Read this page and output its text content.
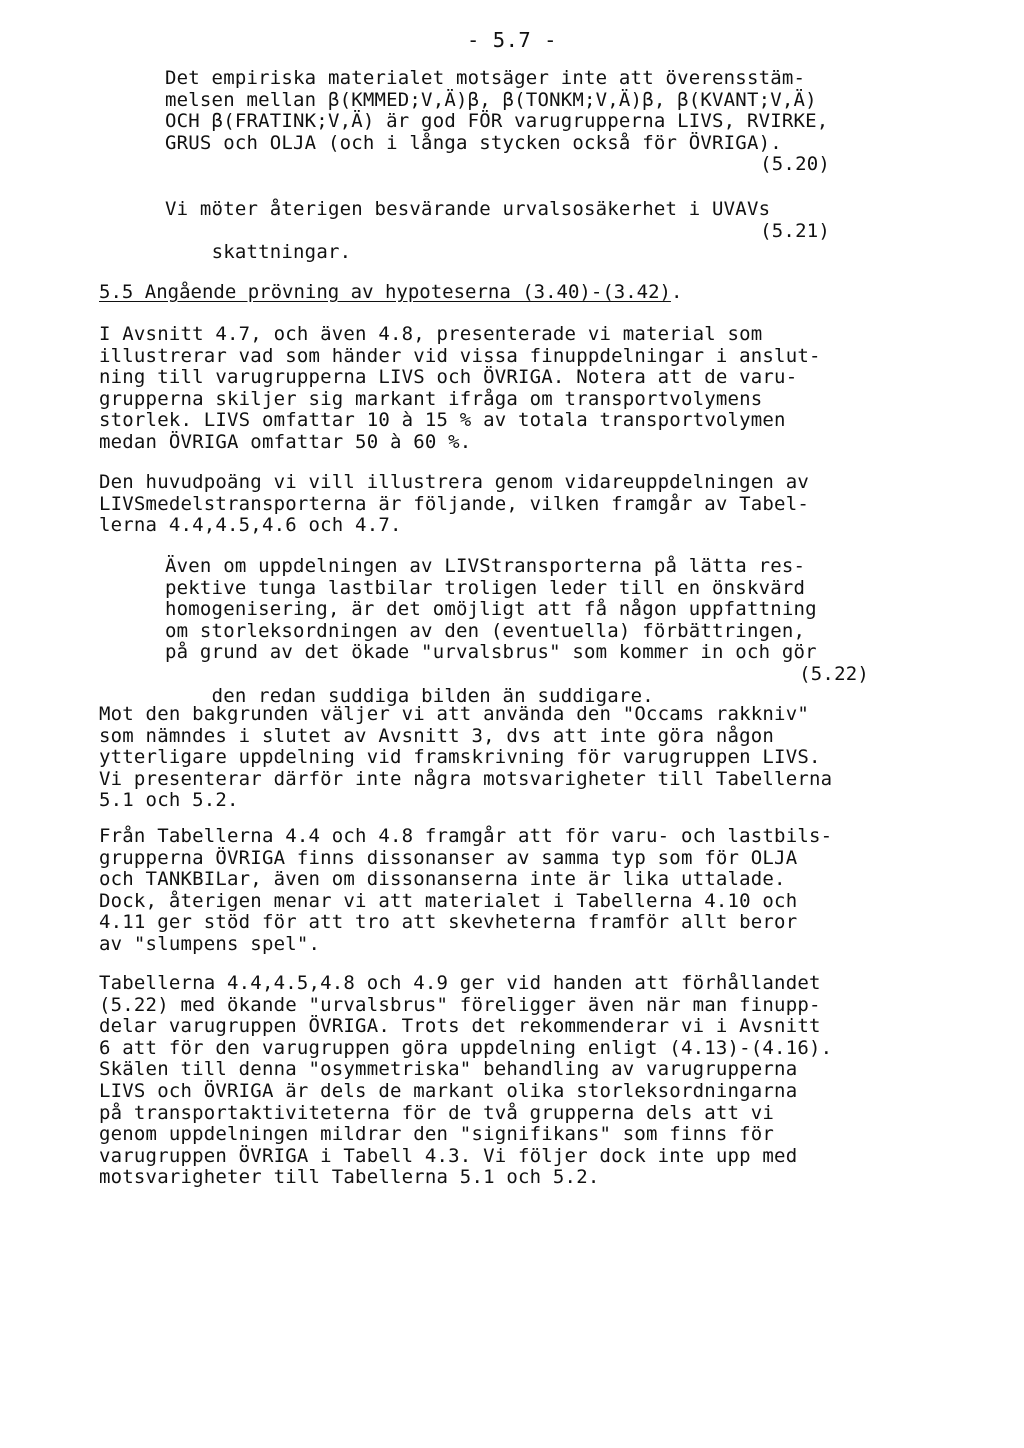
- 5.7 -
Det empiriska materialet motsäger inte att överensstäm-
melsen mellan β(KMMED;V,Ä)β, β(TONKM;V,Ä)β, β(KVANT;V,Ä)
OCH β(FRATINK;V,Ä) är god FÖR varugrupperna LIVS, RVIRKE,
GRUS och OLJA (och i långa stycken också för ÖVRIGA).
(5.20)
Vi möter återigen besvärande urvalsosäkerhet i UVAVs

skattningar.

(5.21)

5.5 Angående prövning av hypoteserna (3.40)-(3.42).
I Avsnitt 4.7, och även 4.8, presenterade vi material som
illustrerar vad som händer vid vissa finuppdelningar i anslut-
ning till varugrupperna LIVS och ÖVRIGA. Notera att de varu-
grupperna skiljer sig markant ifråga om transportvolymens
storlek. LIVS omfattar 10 à 15 % av totala transportvolymen
medan ÖVRIGA omfattar 50 à 60 %.
Den huvudpoäng vi vill illustrera genom vidareuppdelningen av
LIVSmedelstransporterna är följande, vilken framgår av Tabel-
lerna 4.4,4.5,4.6 och 4.7.
Även om uppdelningen av LIVStransporterna på lätta res-
pektive tunga lastbilar troligen leder till en önskvärd
homogenisering, är det omöjligt att få någon uppfattning
om storleksordningen av den (eventuella) förbättringen,
på grund av det ökade "urvalsbrus" som kommer in och gör

den redan suddiga bilden än suddigare.

(5.22)

Mot den bakgrunden väljer vi att använda den "Occams rakkniv"
som nämndes i slutet av Avsnitt 3, dvs att inte göra någon
ytterligare uppdelning vid framskrivning för varugruppen LIVS.
Vi presenterar därför inte några motsvarigheter till Tabellerna
5.1 och 5.2.
Från Tabellerna 4.4 och 4.8 framgår att för varu- och lastbils-
grupperna ÖVRIGA finns dissonanser av samma typ som för OLJA
och TANKBILar, även om dissonanserna inte är lika uttalade.
Dock, återigen menar vi att materialet i Tabellerna 4.10 och
4.11 ger stöd för att tro att skevheterna framför allt beror
av "slumpens spel".
Tabellerna 4.4,4.5,4.8 och 4.9 ger vid handen att förhållandet
(5.22) med ökande "urvalsbrus" föreligger även när man finupp-
delar varugruppen ÖVRIGA. Trots det rekommenderar vi i Avsnitt
6 att för den varugruppen göra uppdelning enligt (4.13)-(4.16).
Skälen till denna "osymmetriska" behandling av varugrupperna
LIVS och ÖVRIGA är dels de markant olika storleksordningarna
på transportaktiviteterna för de två grupperna dels att vi
genom uppdelningen mildrar den "signifikans" som finns för
varugruppen ÖVRIGA i Tabell 4.3. Vi följer dock inte upp med
motsvarigheter till Tabellerna 5.1 och 5.2.
